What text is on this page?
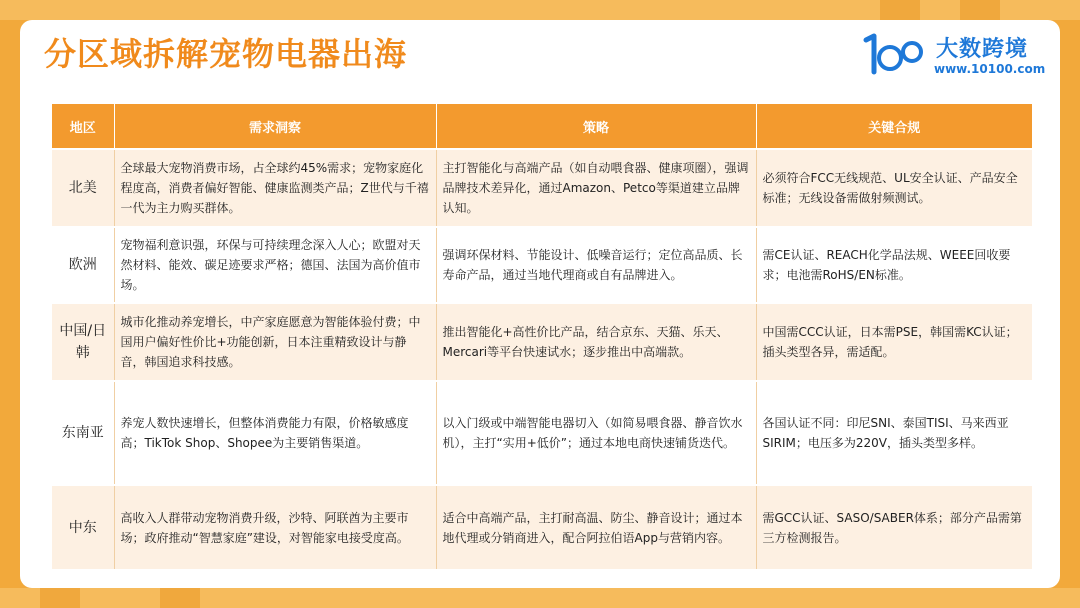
分区域拆解宠物电器出海	大数跨境
www.10100.com
地区	需求洞察	策略	关键合规
北美	全球最大宠物消费市场，占全球约45%需求；宠物家庭化程度高，消费者偏好智能、健康监测类产品；Z世代与千禧一代为主力购买群体。	主打智能化与高端产品（如自动喂食器、健康项圈），强调品牌技术差异化，通过Amazon、Petco等渠道建立品牌认知。	必须符合FCC无线规范、UL安全认证、产品安全标准；无线设备需做射频测试。
欧洲	宠物福利意识强，环保与可持续理念深入人心；欧盟对天然材料、能效、碳足迹要求严格；德国、法国为高价值市场。	强调环保材料、节能设计、低噪音运行；定位高品质、长寿命产品，通过当地代理商或自有品牌进入。	需CE认证、REACH化学品法规、WEEE回收要求；电池需RoHS/EN标准。
中国/日韩	城市化推动养宠增长，中产家庭愿意为智能体验付费；中国用户偏好性价比+功能创新，日本注重精致设计与静音，韩国追求科技感。	推出智能化+高性价比产品，结合京东、天猫、乐天、Mercari等平台快速试水；逐步推出中高端款。	中国需CCC认证，日本需PSE，韩国需KC认证；插头类型各异，需适配。
东南亚	养宠人数快速增长，但整体消费能力有限，价格敏感度高；TikTok Shop、Shopee为主要销售渠道。	以入门级或中端智能电器切入（如简易喂食器、静音饮水机），主打“实用+低价”；通过本地电商快速铺货迭代。	各国认证不同：印尼SNI、泰国TISI、马来西亚SIRIM；电压多为220V，插头类型多样。
中东	高收入人群带动宠物消费升级，沙特、阿联酋为主要市场；政府推动“智慧家庭”建设，对智能家电接受度高。	适合中高端产品，主打耐高温、防尘、静音设计；通过本地代理或分销商进入，配合阿拉伯语App与营销内容。	需GCC认证、SASO/SABER体系；部分产品需第三方检测报告。
